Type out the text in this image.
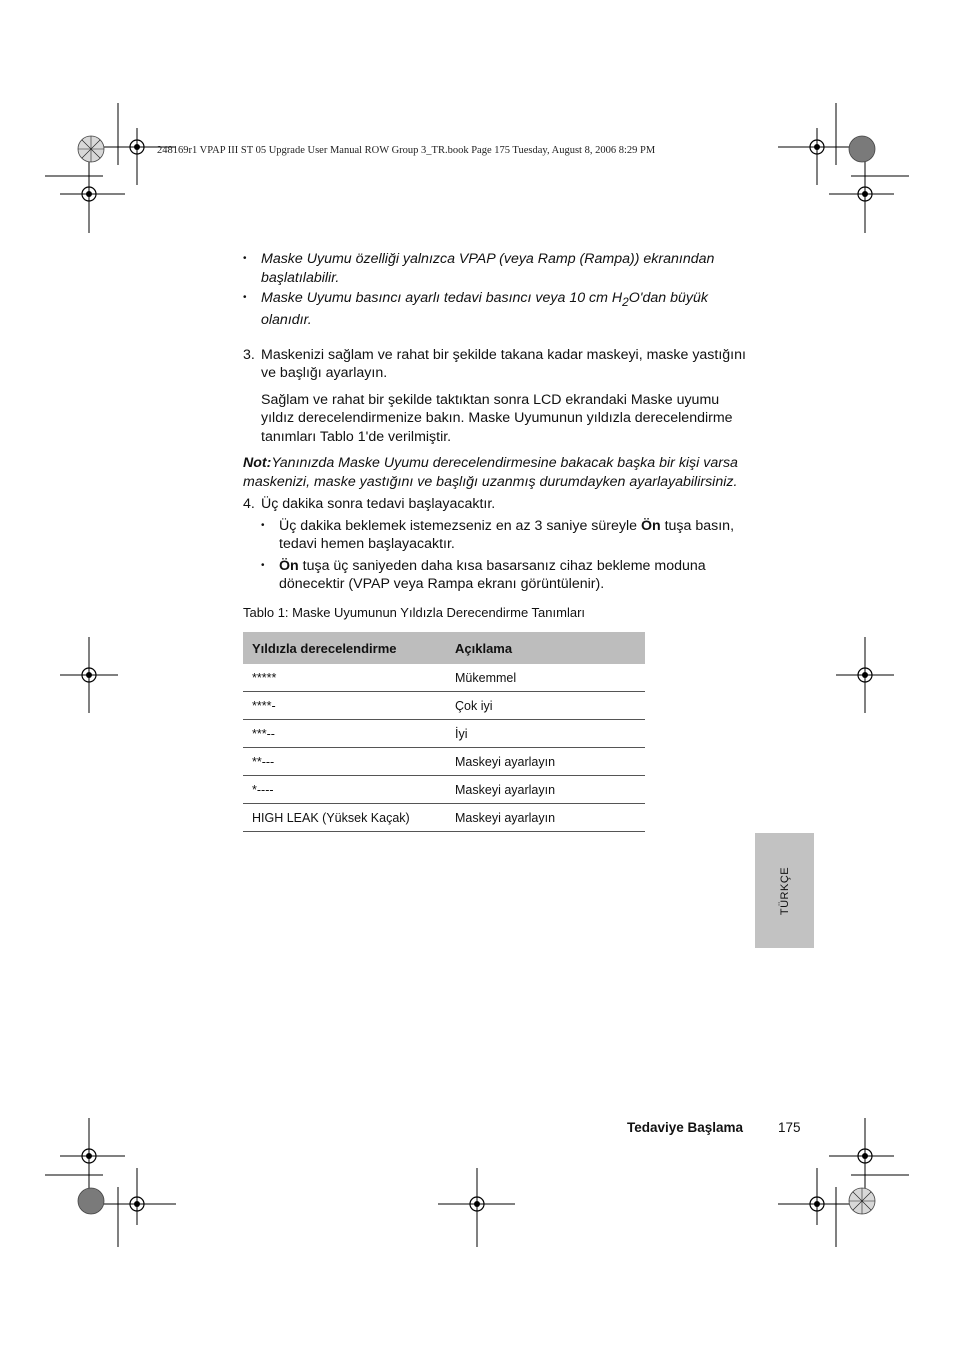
248169r1 VPAP III ST 05 Upgrade User Manual ROW Group 3_TR.book Page 175 Tuesday, August 8, 2006 8:29 PM
• Maske Uyumu özelliği yalnızca VPAP (veya Ramp (Rampa)) ekranından başlatılabilir.
• Maske Uyumu basıncı ayarlı tedavi basıncı veya 10 cm $H_2O'dan$ büyük olanıdır.
3. Maskenizi sağlam ve rahat bir şekilde takana kadar maskeyi, maske yastığını ve başlığı ayarlayın.

Sağlam ve rahat bir şekilde taktıktan sonra LCD ekrandaki Maske uyumu yıldız derecelendirmenize bakın. Maske Uyumunun yıldızla derecelendirme tanımları Tablo 1'de verilmiştir.

Not:Yanınızda Maske Uyumu derecelendirmesine bakacak başka bir kişi varsa maskenizi, maske yastığını ve başlığı uzanmış durumdayken ayarlayabilirsiniz.
4. Üç dakika sonra tedavi başlayacaktır.
• Üç dakika beklemek istemezseniz en az 3 saniye süreyle Ön tuşa basın, tedavi hemen başlayacaktır.
• Ön tuşa üç saniyeden daha kısa basarsanız cihaz bekleme moduna dönecektir (VPAP veya Rampa ekranı görüntülenir).
Tablo 1: Maske Uyumunun Yıldızla Derecendirme Tanımları
Yıldızla derecelendirme	Açıklama
*****	Mükemmel
****-	Çok iyi
***--	İyi
**---	Maskeyi ayarlayın
*----	Maskeyi ayarlayın
HIGH LEAK (Yüksek Kaçak)	Maskeyi ayarlayın
TÜRKÇE
Tedaviye Başlama	175
